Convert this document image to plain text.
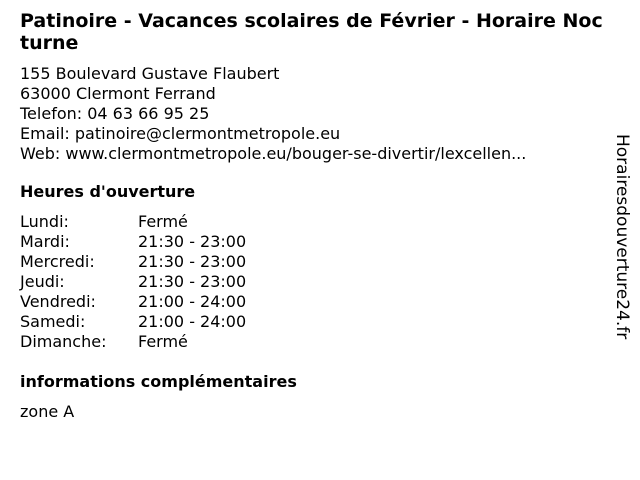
Patinoire - Vacances scolaires de Février - Horaire Nocturne
155 Boulevard Gustave Flaubert
63000 Clermont Ferrand
Telefon: 04 63 66 95 25
Email: patinoire@clermontmetropole.eu
Web: www.clermontmetropole.eu/bouger-se-divertir/lexcellen...
Heures d'ouverture
Lundi:	Fermé
Mardi:	21:30 - 23:00
Mercredi:	21:30 - 23:00
Jeudi:	21:30 - 23:00
Vendredi:	21:00 - 24:00
Samedi:	21:00 - 24:00
Dimanche:	Fermé
informations complémentaires
zone A
Horairesdouverture24.fr
